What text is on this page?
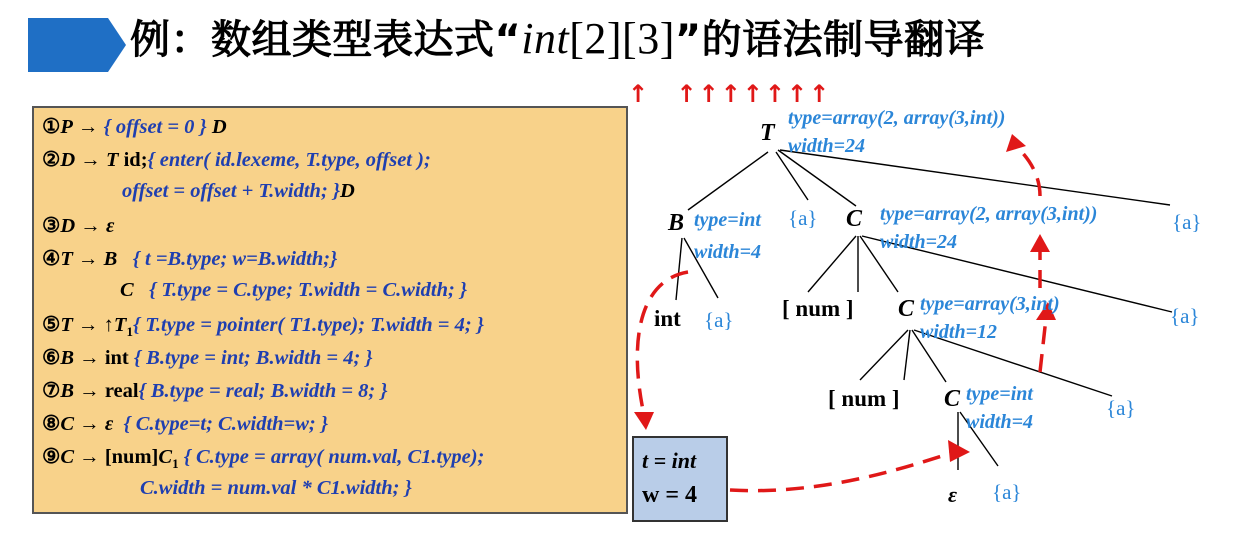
例：数组类型表达式“int[2][3]”的语法制导翻译
↑ ↑↑↑↑↑↑↑
①P → { offset = 0 } D
②D → T id;{ enter( id.lexeme, T.type, offset );
offset = offset + T.width; }D
③D → ε
④T → B   { t =B.type; w=B.width;}
C   { T.type = C.type; T.width = C.width; }
⑤T → $↑T_1${ T.type = pointer( T1.type); T.width = 4; }
⑥B → int { B.type = int; B.width = 4; }
⑦B → real{ B.type = real; B.width = 8; }
⑧C → ε  { C.type=t; C.width=w; }
⑨C → $[num]C_1$ { C.type = array( num.val, C1.type);
C.width = num.val * C1.width; }
t = int
w = 4
T
type=array(2, array(3,int))
width=24
B type=int
width=4
{a} C type=array(2, array(3,int))
width=24
{a}
int {a} [ num ] C type=array(3,int)
width=12
{a}
[ num ] C type=int
width=4
{a}
ε {a}
